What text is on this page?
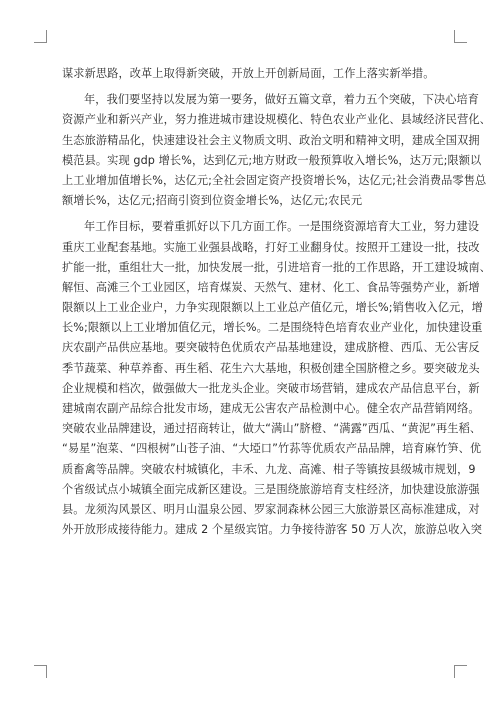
谋求新思路，改革上取得新突破，开放上开创新局面，工作上落实新举措。
年，我们要坚持以发展为第一要务，做好五篇文章，着力五个突破，下决心培育
资源产业和新兴产业，努力推进城市建设规模化、特色农业产业化、县域经济民营化、
生态旅游精品化，快速建设社会主义物质文明、政治文明和精神文明，建成全国双拥
模范县。实现 gdp 增长%，达到亿元;地方财政一般预算收入增长%，达万元;限额以
上工业增加值增长%，达亿元;全社会固定资产投资增长%，达亿元;社会消费品零售总
额增长%，达亿元;招商引资到位资金增长%，达亿元;农民元
年工作目标，要着重抓好以下几方面工作。一是围绕资源培育大工业，努力建设
重庆工业配套基地。实施工业强县战略，打好工业翻身仗。按照开工建设一批，技改
扩能一批，重组壮大一批，加快发展一批，引进培育一批的工作思路，开工建设城南、
解恒、高滩三个工业园区，培育煤炭、天然气、建材、化工、食品等强势产业，新增
限额以上工业企业户，力争实现限额以上工业总产值亿元，增长%;销售收入亿元，增
长%;限额以上工业增加值亿元，增长%。二是围绕特色培育农业产业化，加快建设重
庆农副产品供应基地。要突破特色优质农产品基地建设，建成脐橙、西瓜、无公害反
季节蔬菜、种草养畜、再生稻、花生六大基地，积极创建全国脐橙之乡。要突破龙头
企业规模和档次，做强做大一批龙头企业。突破市场营销，建成农产品信息平台，新
建城南农副产品综合批发市场，建成无公害农产品检测中心。健全农产品营销网络。
突破农业品牌建设，通过招商转让，做大“满山”脐橙、“满露”西瓜、“黄泥”再生稻、
“易星”泡菜、“四根树”山苍子油、“大埡口”竹荪等优质农产品品牌，培育麻竹笋、优
质畜禽等品牌。突破农村城镇化，丰禾、九龙、高滩、柑子等镇按县级城市规划，9
个省级试点小城镇全面完成新区建设。三是围绕旅游培育支柱经济，加快建设旅游强
县。龙须沟风景区、明月山温泉公园、罗家洞森林公园三大旅游景区高标准建成，对
外开放形成接待能力。建成 2 个星级宾馆。力争接待游客 50 万人次，旅游总收入突
